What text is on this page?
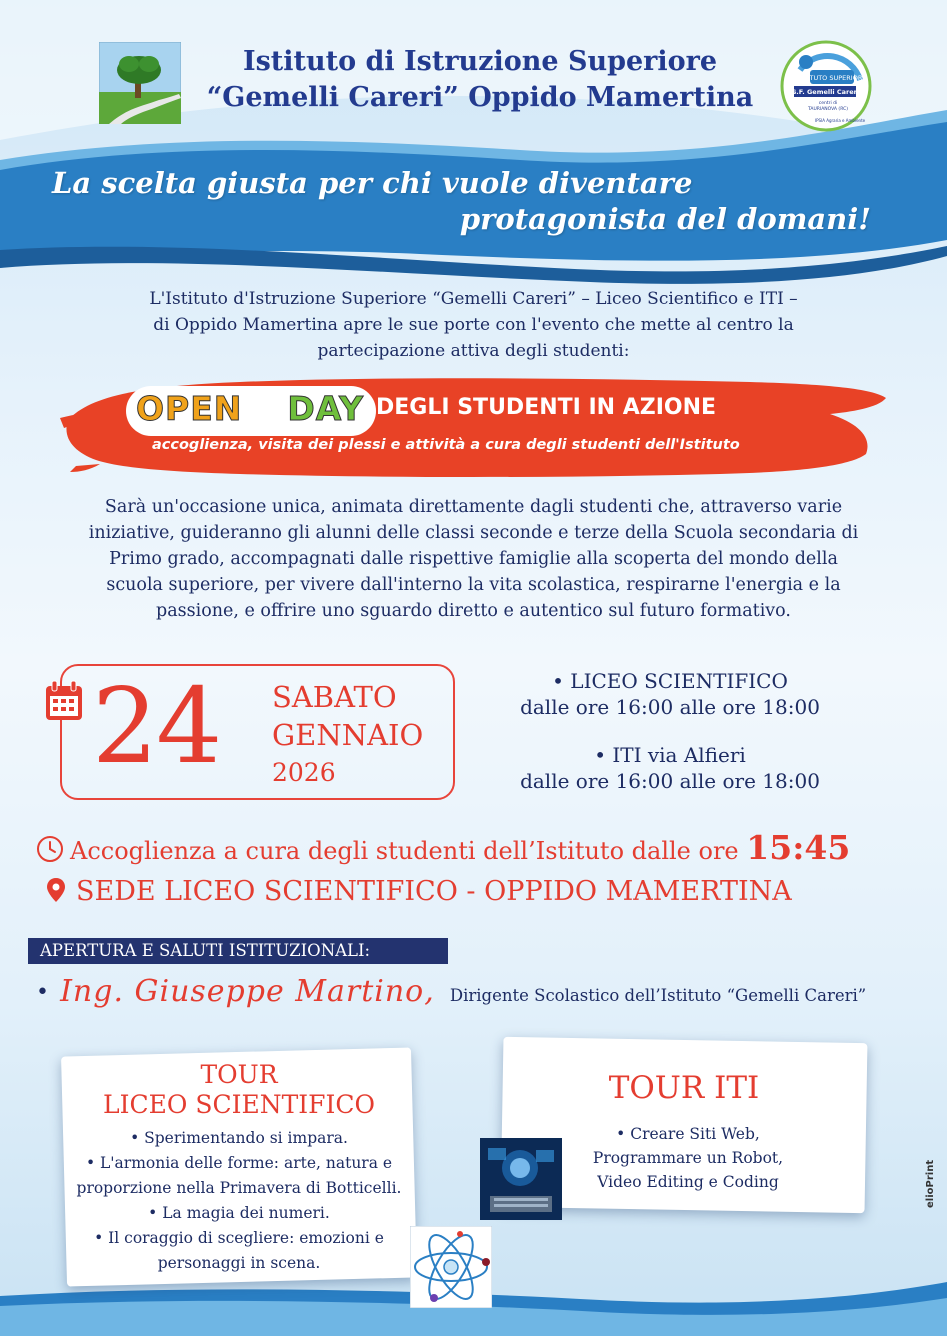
Istituto di Istruzione Superiore
“Gemelli Careri” Oppido Mamertina
ISTITUTO SUPERIORE
G.F. Gemelli Careri
centri di
TAURIANOVA (RC)
IPSIA Agraria e Ambiente
La scelta giusta per chi vuole diventare
protagonista del domani!
L'Istituto d'Istruzione Superiore “Gemelli Careri” – Liceo Scientifico e ITI –
di Oppido Mamertina apre le sue porte con l'evento che mette al centro la
partecipazione attiva degli studenti:
OPEN DAY DEGLI STUDENTI IN AZIONE
accoglienza, visita dei plessi e attività a cura degli studenti dell'Istituto
Sarà un'occasione unica, animata direttamente dagli studenti che, attraverso varie
iniziative, guideranno gli alunni delle classi seconde e terze della Scuola secondaria di
Primo grado, accompagnati dalle rispettive famiglie alla scoperta del mondo della
scuola superiore, per vivere dall'interno la vita scolastica, respirarne l'energia e la
passione, e offrire uno sguardo diretto e autentico sul futuro formativo.
24 SABATO
GENNAIO
2026
• LICEO SCIENTIFICO
dalle ore 16:00 alle ore 18:00
• ITI via Alfieri
dalle ore 16:00 alle ore 18:00
Accoglienza a cura degli studenti dell’Istituto dalle ore 15:45
SEDE LICEO SCIENTIFICO - OPPIDO MAMERTINA
APERTURA E SALUTI ISTITUZIONALI:
• Ing. Giuseppe Martino, Dirigente Scolastico dell’Istituto “Gemelli Careri”
TOUR
LICEO SCIENTIFICO
• Sperimentando si impara.
• L'armonia delle forme: arte, natura e
proporzione nella Primavera di Botticelli.
• La magia dei numeri.
• Il coraggio di scegliere: emozioni e
personaggi in scena.
TOUR ITI
• Creare Siti Web,
Programmare un Robot,
Video Editing e Coding	elioPrint
